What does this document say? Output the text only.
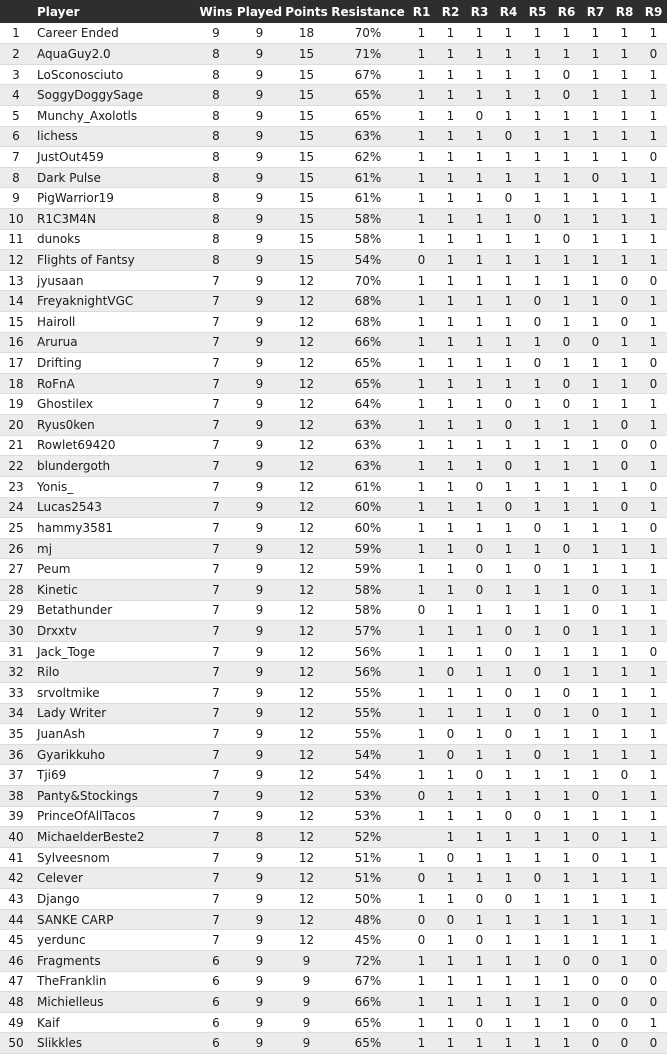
	Player	Wins	Played	Points	Resistance	R1	R2	R3	R4	R5	R6	R7	R8	R9
1	Career Ended	9	9	18	70%	1	1	1	1	1	1	1	1	1
2	AquaGuy2.0	8	9	15	71%	1	1	1	1	1	1	1	1	0
3	LoSconosciuto	8	9	15	67%	1	1	1	1	1	0	1	1	1
4	SoggyDoggySage	8	9	15	65%	1	1	1	1	1	0	1	1	1
5	Munchy_Axolotls	8	9	15	65%	1	1	0	1	1	1	1	1	1
6	lichess	8	9	15	63%	1	1	1	0	1	1	1	1	1
7	JustOut459	8	9	15	62%	1	1	1	1	1	1	1	1	0
8	Dark Pulse	8	9	15	61%	1	1	1	1	1	1	0	1	1
9	PigWarrior19	8	9	15	61%	1	1	1	0	1	1	1	1	1
10	R1C3M4N	8	9	15	58%	1	1	1	1	0	1	1	1	1
11	dunoks	8	9	15	58%	1	1	1	1	1	0	1	1	1
12	Flights of Fantsy	8	9	15	54%	0	1	1	1	1	1	1	1	1
13	jyusaan	7	9	12	70%	1	1	1	1	1	1	1	0	0
14	FreyaknightVGC	7	9	12	68%	1	1	1	1	0	1	1	0	1
15	Hairoll	7	9	12	68%	1	1	1	1	0	1	1	0	1
16	Arurua	7	9	12	66%	1	1	1	1	1	0	0	1	1
17	Drifting	7	9	12	65%	1	1	1	1	0	1	1	1	0
18	RoFnA	7	9	12	65%	1	1	1	1	1	0	1	1	0
19	Ghostilex	7	9	12	64%	1	1	1	0	1	0	1	1	1
20	Ryus0ken	7	9	12	63%	1	1	1	0	1	1	1	0	1
21	Rowlet69420	7	9	12	63%	1	1	1	1	1	1	1	0	0
22	blundergoth	7	9	12	63%	1	1	1	0	1	1	1	0	1
23	Yonis_	7	9	12	61%	1	1	0	1	1	1	1	1	0
24	Lucas2543	7	9	12	60%	1	1	1	0	1	1	1	0	1
25	hammy3581	7	9	12	60%	1	1	1	1	0	1	1	1	0
26	mj	7	9	12	59%	1	1	0	1	1	0	1	1	1
27	Peum	7	9	12	59%	1	1	0	1	0	1	1	1	1
28	Kinetic	7	9	12	58%	1	1	0	1	1	1	0	1	1
29	Betathunder	7	9	12	58%	0	1	1	1	1	1	0	1	1
30	Drxxtv	7	9	12	57%	1	1	1	0	1	0	1	1	1
31	Jack_Toge	7	9	12	56%	1	1	1	0	1	1	1	1	0
32	Rilo	7	9	12	56%	1	0	1	1	0	1	1	1	1
33	srvoltmike	7	9	12	55%	1	1	1	0	1	0	1	1	1
34	Lady Writer	7	9	12	55%	1	1	1	1	0	1	0	1	1
35	JuanAsh	7	9	12	55%	1	0	1	0	1	1	1	1	1
36	Gyarikkuho	7	9	12	54%	1	0	1	1	0	1	1	1	1
37	Tji69	7	9	12	54%	1	1	0	1	1	1	1	0	1
38	Panty&Stockings	7	9	12	53%	0	1	1	1	1	1	0	1	1
39	PrinceOfAllTacos	7	9	12	53%	1	1	1	0	0	1	1	1	1
40	MichaelderBeste2	7	8	12	52%		1	1	1	1	1	0	1	1
41	Sylveesnom	7	9	12	51%	1	0	1	1	1	1	0	1	1
42	Celever	7	9	12	51%	0	1	1	1	0	1	1	1	1
43	Django	7	9	12	50%	1	1	0	0	1	1	1	1	1
44	SANKE CARP	7	9	12	48%	0	0	1	1	1	1	1	1	1
45	yerdunc	7	9	12	45%	0	1	0	1	1	1	1	1	1
46	Fragments	6	9	9	72%	1	1	1	1	1	0	0	1	0
47	TheFranklin	6	9	9	67%	1	1	1	1	1	1	0	0	0
48	Michielleus	6	9	9	66%	1	1	1	1	1	1	0	0	0
49	Kaif	6	9	9	65%	1	1	0	1	1	1	0	0	1
50	Slikkles	6	9	9	65%	1	1	1	1	1	1	0	0	0
